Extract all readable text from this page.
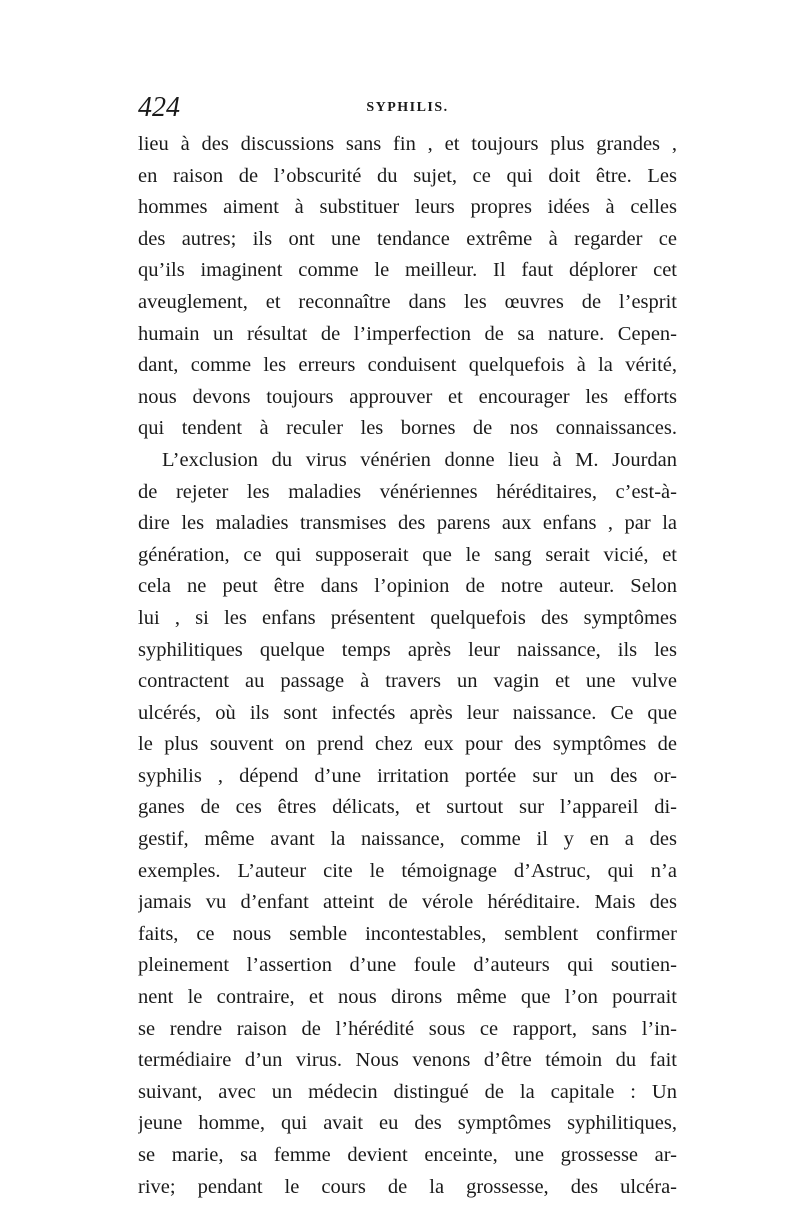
424	SYPHILIS.
lieu à des discussions sans fin , et toujours plus grandes ,
en raison de l’obscurité du sujet, ce qui doit être. Les
hommes aiment à substituer leurs propres idées à celles
des autres; ils ont une tendance extrême à regarder ce
qu’ils imaginent comme le meilleur. Il faut déplorer cet
aveuglement, et reconnaître dans les œuvres de l’esprit
humain un résultat de l’imperfection de sa nature. Cepen-
dant, comme les erreurs conduisent quelquefois à la vérité,
nous devons toujours approuver et encourager les efforts
qui tendent à reculer les bornes de nos connaissances.
L’exclusion du virus vénérien donne lieu à M. Jourdan
de rejeter les maladies vénériennes héréditaires, c’est-à-
dire les maladies transmises des parens aux enfans , par la
génération, ce qui supposerait que le sang serait vicié, et
cela ne peut être dans l’opinion de notre auteur. Selon
lui , si les enfans présentent quelquefois des symptômes
syphilitiques quelque temps après leur naissance, ils les
contractent au passage à travers un vagin et une vulve
ulcérés, où ils sont infectés après leur naissance. Ce que
le plus souvent on prend chez eux pour des symptômes de
syphilis , dépend d’une irritation portée sur un des or-
ganes de ces êtres délicats, et surtout sur l’appareil di-
gestif, même avant la naissance, comme il y en a des
exemples. L’auteur cite le témoignage d’Astruc, qui n’a
jamais vu d’enfant atteint de vérole héréditaire. Mais des
faits, ce nous semble incontestables, semblent confirmer
pleinement l’assertion d’une foule d’auteurs qui soutien-
nent le contraire, et nous dirons même que l’on pourrait
se rendre raison de l’hérédité sous ce rapport, sans l’in-
termédiaire d’un virus. Nous venons d’être témoin du fait
suivant, avec un médecin distingué de la capitale : Un
jeune homme, qui avait eu des symptômes syphilitiques,
se marie, sa femme devient enceinte, une grossesse ar-
rive; pendant le cours de la grossesse, des ulcéra-
